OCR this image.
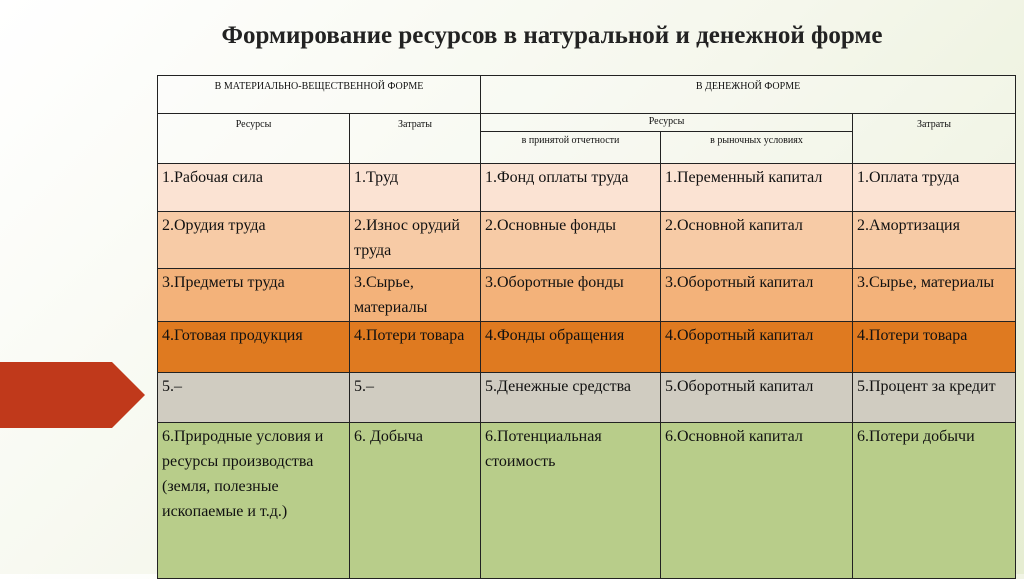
Формирование ресурсов в натуральной и денежной форме
В МАТЕРИАЛЬНО-ВЕЩЕСТВЕННОЙ ФОРМЕ		В ДЕНЕЖНОЙ ФОРМЕ		
Ресурсы	Затраты	Ресурсы		Затраты
		в принятой отчетности	в рыночных условиях	
1.Рабочая сила	1.Труд	1.Фонд оплаты труда	1.Переменный капитал	1.Оплата труда
2.Орудия труда	2.Износ орудий труда	2.Основные фонды	2.Основной капитал	2.Амортизация
3.Предметы труда	3.Сырье, материалы	3.Оборотные фонды	3.Оборотный капитал	3.Сырье, материалы
4.Готовая продукция	4.Потери товара	4.Фонды обращения	4.Оборотный капитал	4.Потери товара
5.–	5.–	5.Денежные средства	5.Оборотный капитал	5.Процент за кредит
6.Природные условия и ресурсы производства (земля, полезные ископаемые и т.д.)	6. Добыча	6.Потенциальная стоимость	6.Основной капитал	6.Потери добычи
